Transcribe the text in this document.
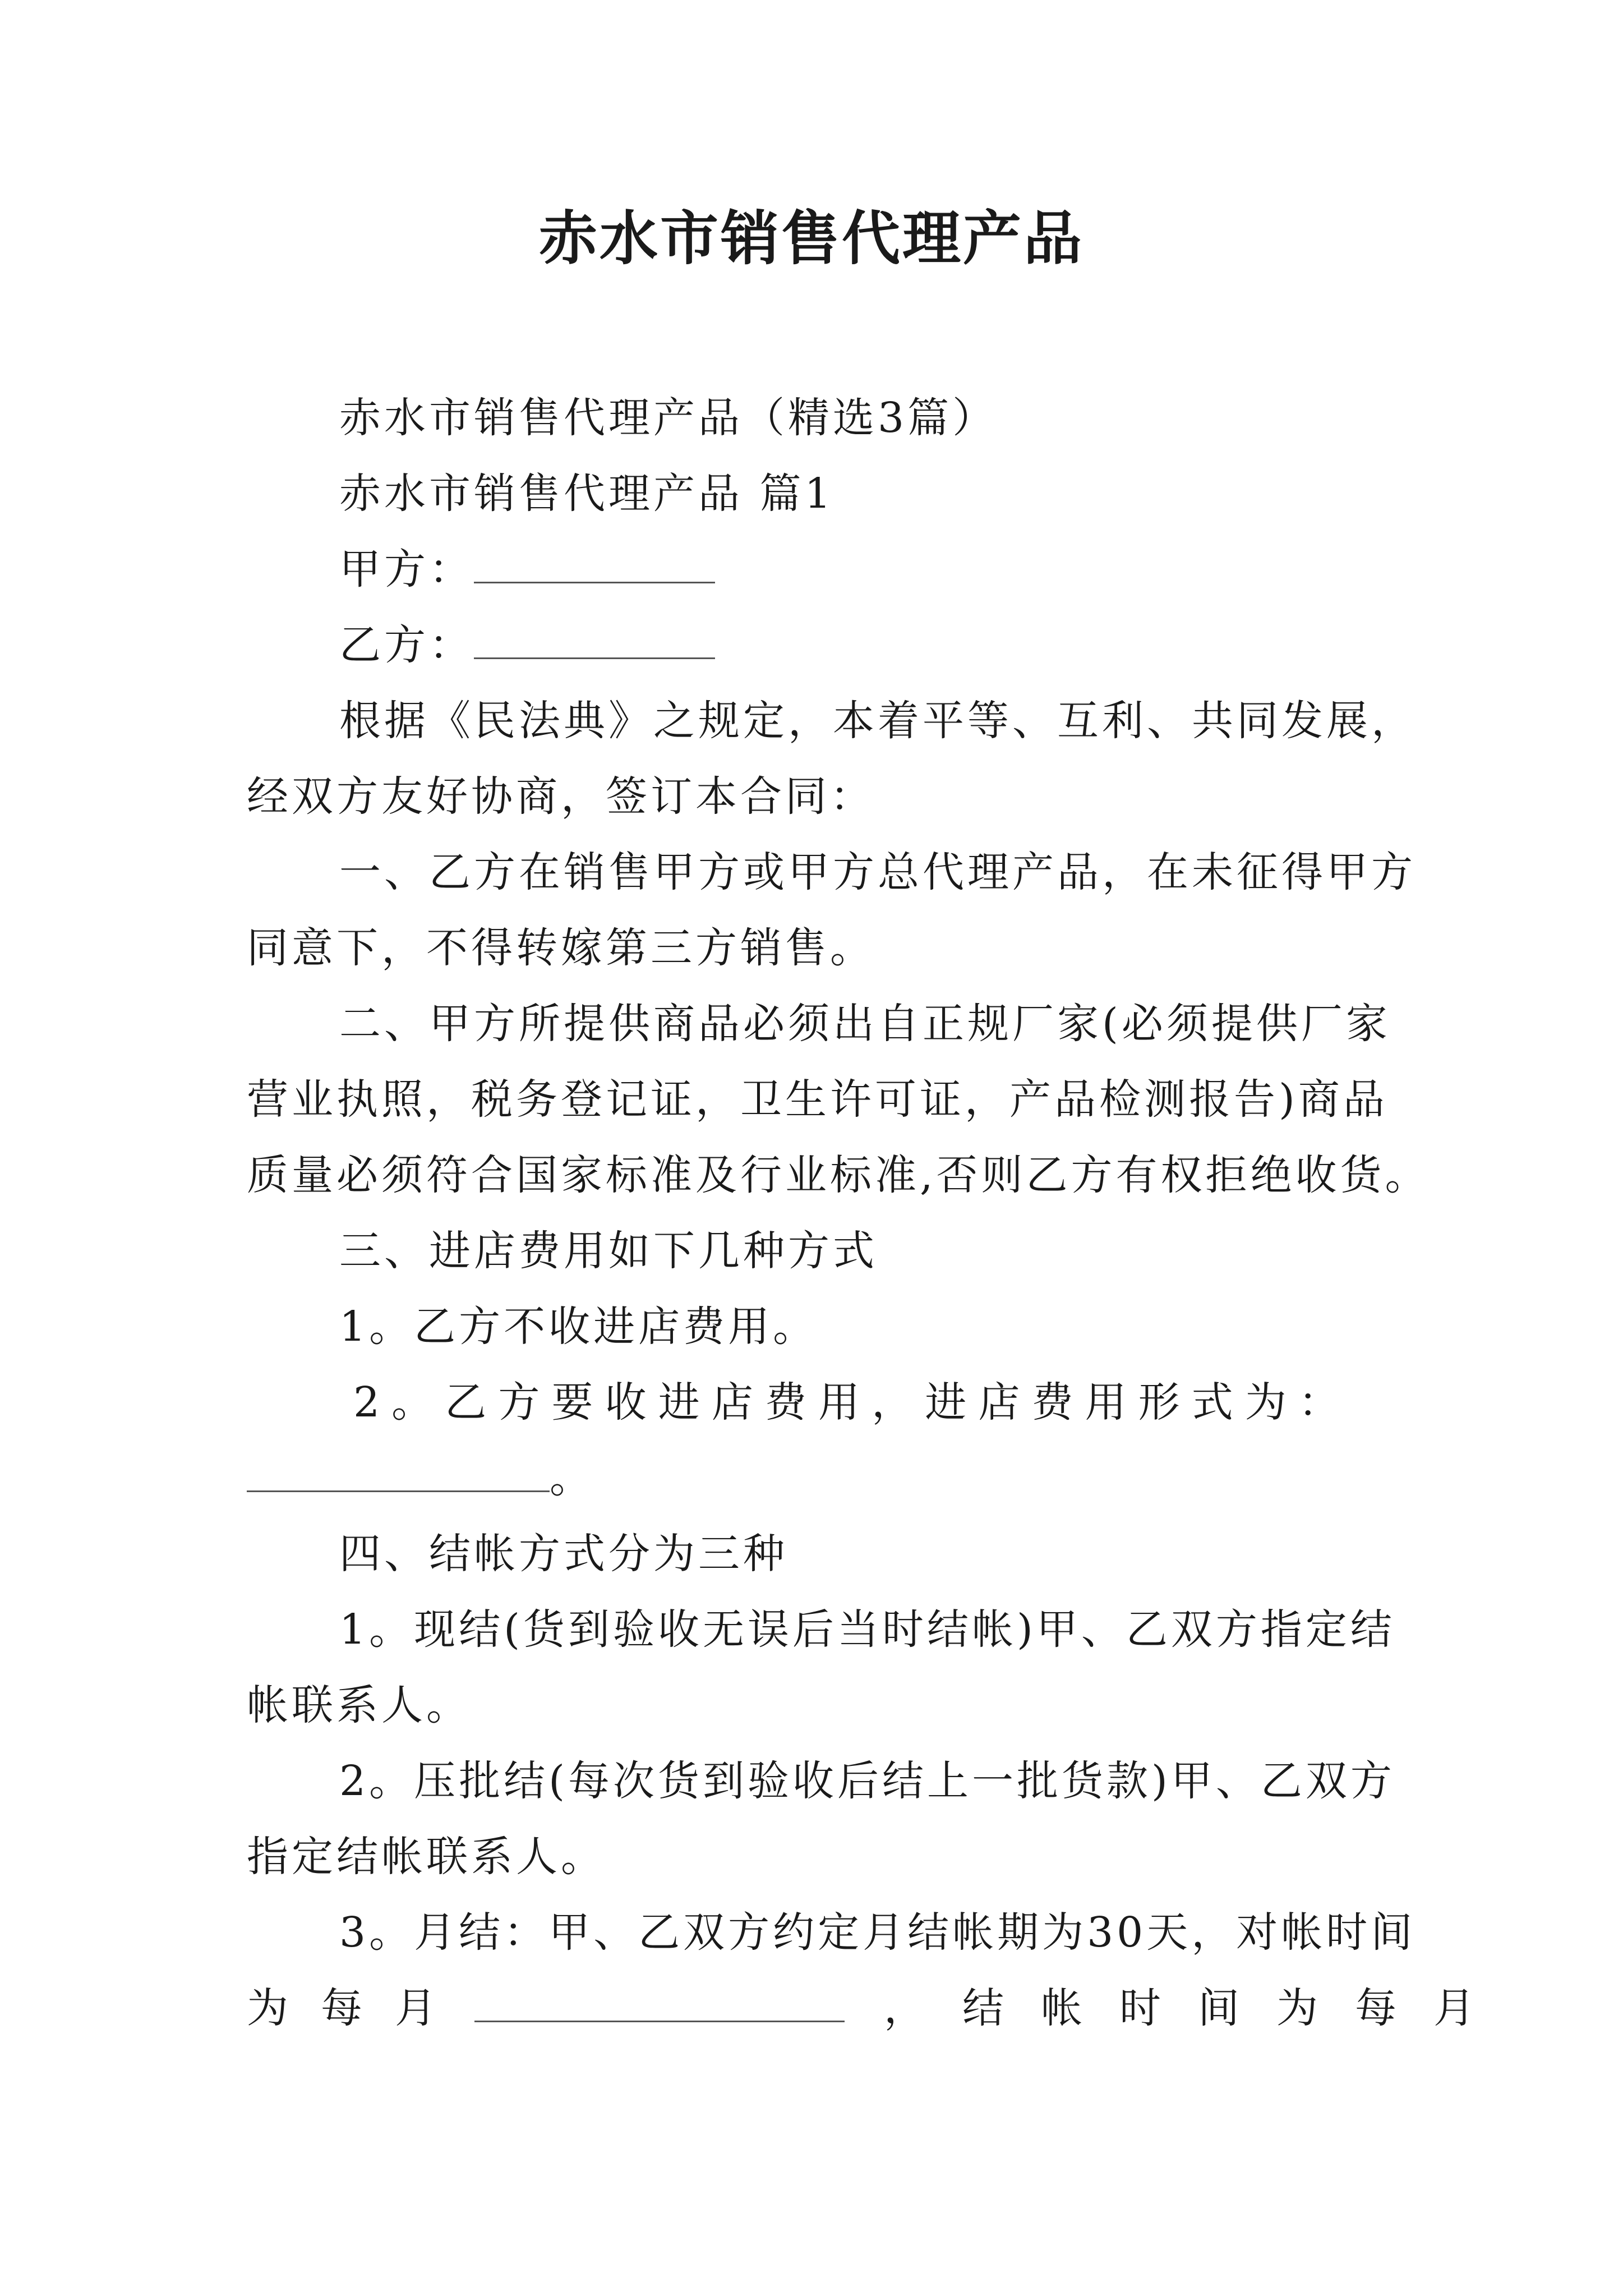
赤水市销售代理产品
赤水市销售代理产品（精选3篇）
赤水市销售代理产品 篇1
甲方：
乙方：
根据《民法典》之规定，本着平等、互利、共同发展，
经双方友好协商，签订本合同：
一、乙方在销售甲方或甲方总代理产品，在未征得甲方
同意下，不得转嫁第三方销售。
二、甲方所提供商品必须出自正规厂家(必须提供厂家
营业执照，税务登记证，卫生许可证，产品检测报告)商品
质量必须符合国家标准及行业标准,否则乙方有权拒绝收货。
三、进店费用如下几种方式
1。乙方不收进店费用。
2。乙方要收进店费用，进店费用形式为：
。
四、结帐方式分为三种
1。现结(货到验收无误后当时结帐)甲、乙双方指定结
帐联系人。
2。压批结(每次货到验收后结上一批货款)甲、乙双方
指定结帐联系人。
3。月结：甲、乙双方约定月结帐期为30天，对帐时间
为每月	，结帐时间为每月
